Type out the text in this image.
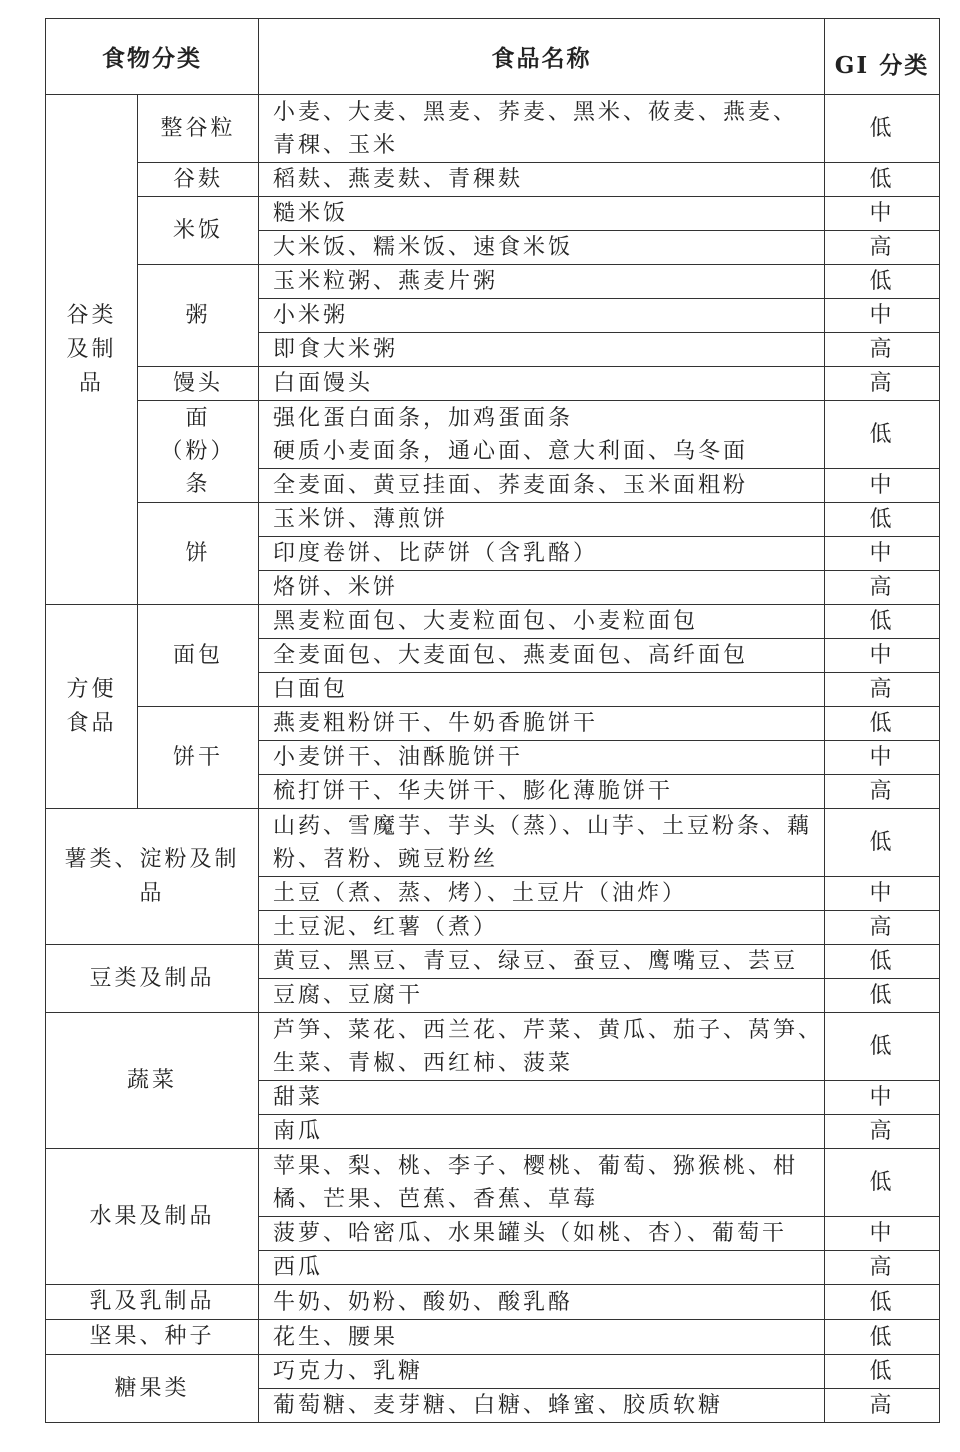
食物分类		食品名称	GI 分类
谷类
及制
品	整谷粒	小麦、大麦、黑麦、荞麦、黑米、莜麦、燕麦、
青稞、玉米	低
	谷麸	稻麸、燕麦麸、青稞麸	低
	米饭	糙米饭	中
		大米饭、糯米饭、速食米饭	高
	粥	玉米粒粥、燕麦片粥	低
		小米粥	中
		即食大米粥	高
	馒头	白面馒头	高
	面
（粉）
条	强化蛋白面条，加鸡蛋面条
硬质小麦面条，通心面、意大利面、乌冬面	低
		全麦面、黄豆挂面、荞麦面条、玉米面粗粉	中
	饼	玉米饼、薄煎饼	低
		印度卷饼、比萨饼（含乳酪）	中
		烙饼、米饼	高
方便
食品	面包	黑麦粒面包、大麦粒面包、小麦粒面包	低
		全麦面包、大麦面包、燕麦面包、高纤面包	中
		白面包	高
	饼干	燕麦粗粉饼干、牛奶香脆饼干	低
		小麦饼干、油酥脆饼干	中
		梳打饼干、华夫饼干、膨化薄脆饼干	高
薯类、淀粉及制
品		山药、雪魔芋、芋头（蒸）、山芋、土豆粉条、藕
粉、苕粉、豌豆粉丝	低
		土豆（煮、蒸、烤）、土豆片（油炸）	中
		土豆泥、红薯（煮）	高
豆类及制品		黄豆、黑豆、青豆、绿豆、蚕豆、鹰嘴豆、芸豆	低
		豆腐、豆腐干	低
蔬菜		芦笋、菜花、西兰花、芹菜、黄瓜、茄子、莴笋、
生菜、青椒、西红柿、菠菜	低
		甜菜	中
		南瓜	高
水果及制品		苹果、梨、桃、李子、樱桃、葡萄、猕猴桃、柑
橘、芒果、芭蕉、香蕉、草莓	低
		菠萝、哈密瓜、水果罐头（如桃、杏）、葡萄干	中
		西瓜	高
乳及乳制品		牛奶、奶粉、酸奶、酸乳酪	低
坚果、种子		花生、腰果	低
糖果类		巧克力、乳糖	低
		葡萄糖、麦芽糖、白糖、蜂蜜、胶质软糖	高
